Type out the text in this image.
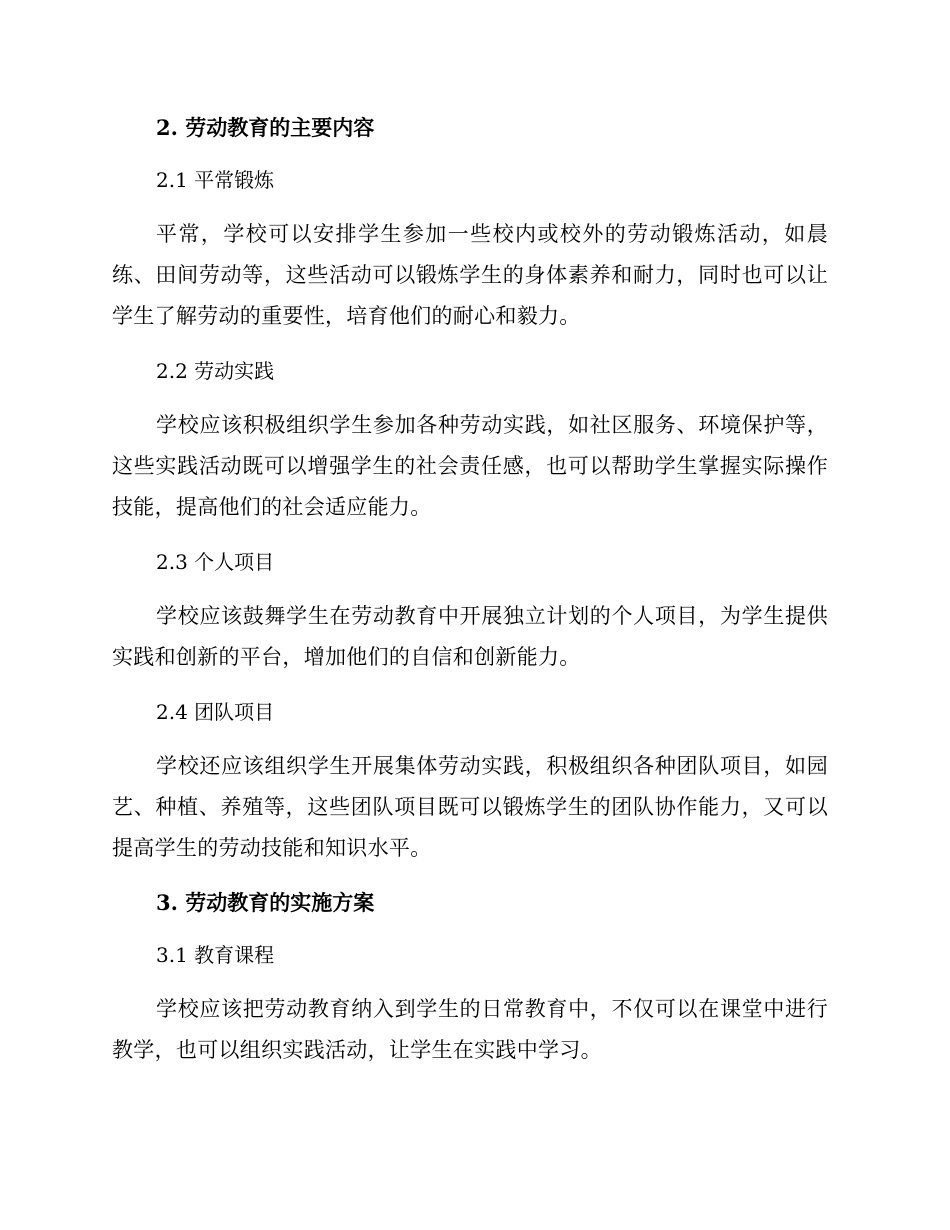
2. 劳动教育的主要内容
2.1 平常锻炼

平常，学校可以安排学生参加一些校内或校外的劳动锻炼活动，如晨练、田间劳动等，这些活动可以锻炼学生的身体素养和耐力，同时也可以让学生了解劳动的重要性，培育他们的耐心和毅力。

2.2 劳动实践

学校应该积极组织学生参加各种劳动实践，如社区服务、环境保护等，这些实践活动既可以增强学生的社会责任感，也可以帮助学生掌握实际操作技能，提高他们的社会适应能力。

2.3 个人项目

学校应该鼓舞学生在劳动教育中开展独立计划的个人项目，为学生提供实践和创新的平台，增加他们的自信和创新能力。

2.4 团队项目

学校还应该组织学生开展集体劳动实践，积极组织各种团队项目，如园艺、种植、养殖等，这些团队项目既可以锻炼学生的团队协作能力，又可以提高学生的劳动技能和知识水平。

3. 劳动教育的实施方案
3.1 教育课程

学校应该把劳动教育纳入到学生的日常教育中，不仅可以在课堂中进行教学，也可以组织实践活动，让学生在实践中学习。
